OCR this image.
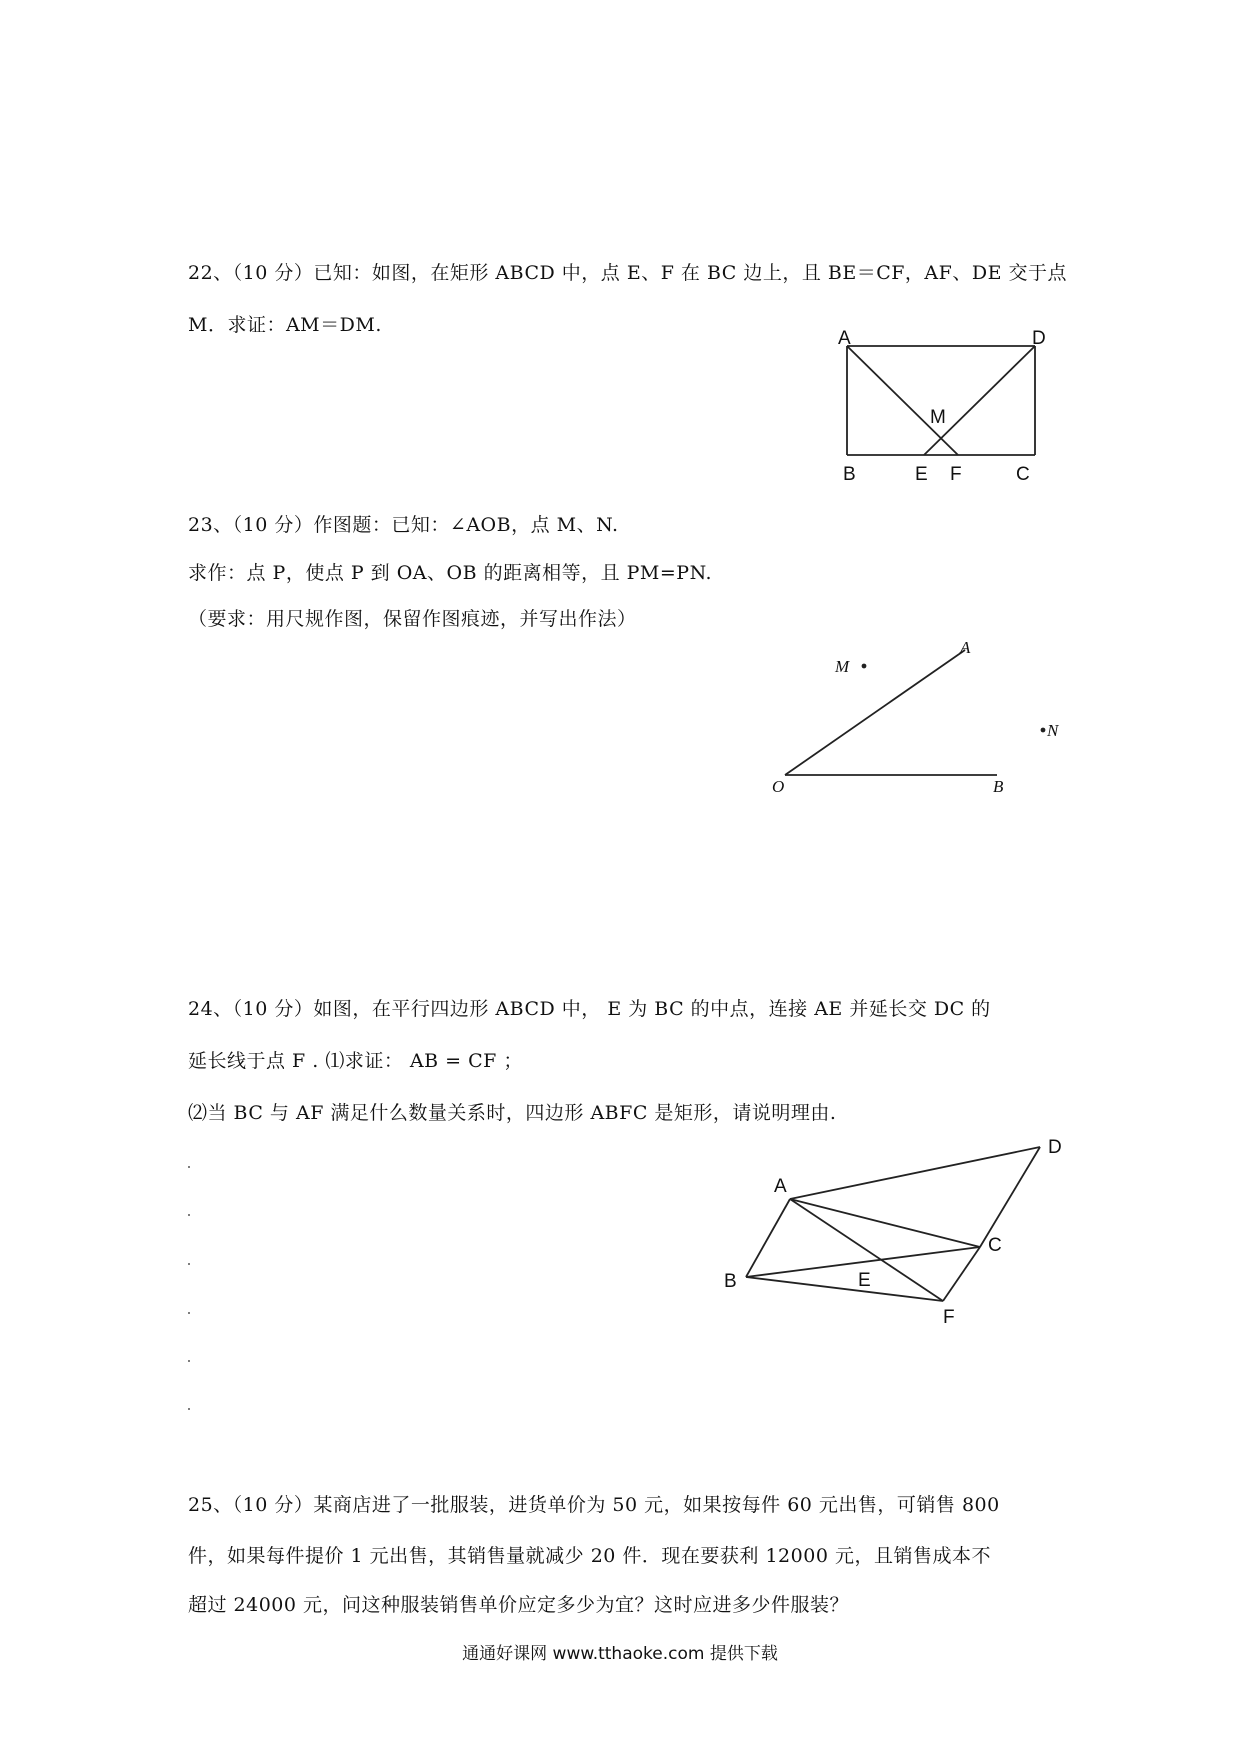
22、（10 分）已知：如图，在矩形 ABCD 中，点 E、F 在 BC 边上，且 BE＝CF，AF、DE 交于点
M．求证：AM＝DM.
A	D
M
B	E F	C
23、（10 分）作图题：已知：∠AOB，点 M、N.
求作：点 P，使点 P 到 OA、OB 的距离相等，且 PM=PN.
（要求：用尺规作图，保留作图痕迹，并写出作法）
M
A
N
O	B
24、（10 分）如图，在平行四边形 ABCD 中， E 为 BC 的中点，连接 AE 并延长交 DC 的
延长线于点 F . ⑴求证： AB = CF ；
⑵当 BC 与 AF 满足什么数量关系时，四边形 ABFC 是矩形，请说明理由.
A
B
C
D
E
F
25、（10 分）某商店进了一批服装，进货单价为 50 元，如果按每件 60 元出售，可销售 800
件，如果每件提价 1 元出售，其销售量就减少 20 件．现在要获利 12000 元，且销售成本不
超过 24000 元，问这种服装销售单价应定多少为宜？这时应进多少件服装？
通通好课网 www.tthaoke.com 提供下载
